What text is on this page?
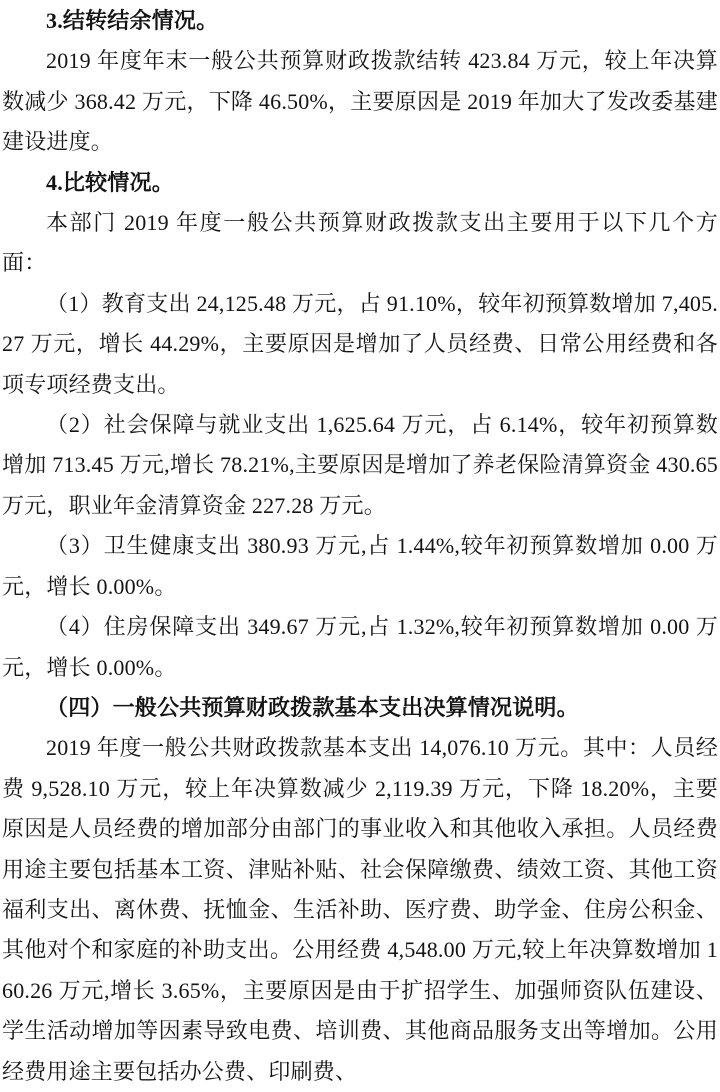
3.结转结余情况。

2019 年度年末一般公共预算财政拨款结转 423.84 万元，较上年决算数减少 368.42 万元，下降 46.50%，主要原因是 2019 年加大了发改委基建建设进度。

4.比较情况。

本部门 2019 年度一般公共预算财政拨款支出主要用于以下几个方面：

（1）教育支出 24,125.48 万元，占 91.10%，较年初预算数增加 7,405.27 万元，增长 44.29%，主要原因是增加了人员经费、日常公用经费和各项专项经费支出。

（2）社会保障与就业支出 1,625.64 万元，占 6.14%，较年初预算数增加 713.45 万元,增长 78.21%,主要原因是增加了养老保险清算资金 430.65 万元，职业年金清算资金 227.28 万元。

（3）卫生健康支出 380.93 万元,占 1.44%,较年初预算数增加 0.00 万元，增长 0.00%。

（4）住房保障支出 349.67 万元,占 1.32%,较年初预算数增加 0.00 万元，增长 0.00%。

（四）一般公共预算财政拨款基本支出决算情况说明。

2019 年度一般公共财政拨款基本支出 14,076.10 万元。其中：人员经费 9,528.10 万元，较上年决算数减少 2,119.39 万元，下降 18.20%，主要原因是人员经费的增加部分由部门的事业收入和其他收入承担。人员经费用途主要包括基本工资、津贴补贴、社会保障缴费、绩效工资、其他工资福利支出、离休费、抚恤金、生活补助、医疗费、助学金、住房公积金、其他对个和家庭的补助支出。公用经费 4,548.00 万元,较上年决算数增加 160.26 万元,增长 3.65%，主要原因是由于扩招学生、加强师资队伍建设、学生活动增加等因素导致电费、培训费、其他商品服务支出等增加。公用经费用途主要包括办公费、印刷费、
